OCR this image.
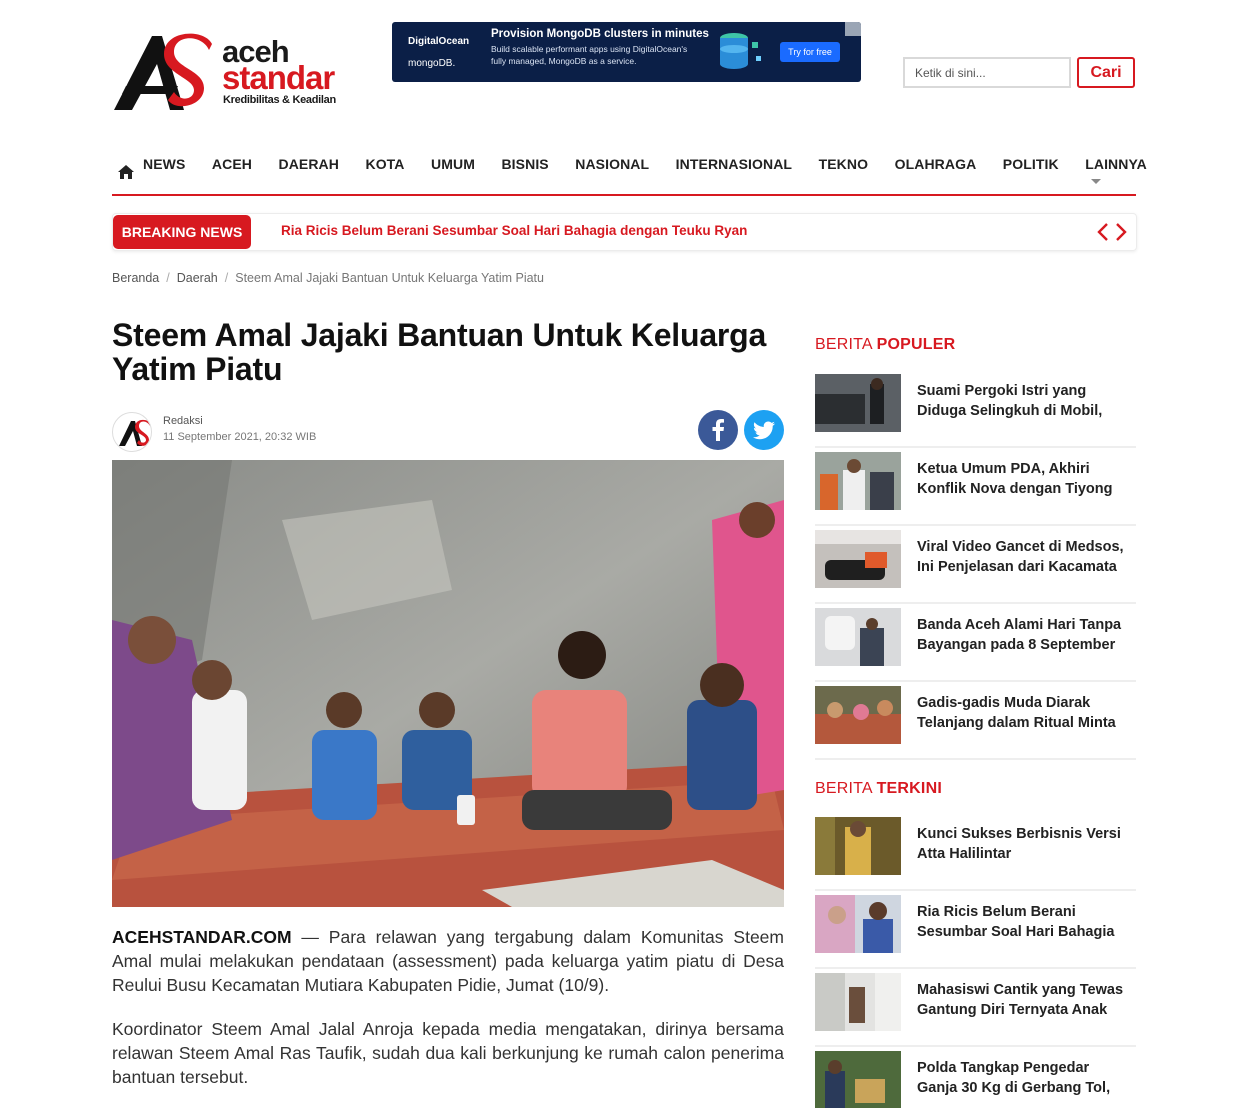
aceh
standar
Kredibilitas & Keadilan
DigitalOcean
mongoDB.
Provision MongoDB clusters in minutes
Build scalable performant apps using DigitalOcean's fully managed, MongoDB as a service.
Try for free
Ketik di sini...
Cari
NEWS ACEH DAERAH KOTA UMUM BISNIS NASIONAL INTERNASIONAL TEKNO OLAHRAGA POLITIK LAINNYA
BREAKING NEWS	Ria Ricis Belum Berani Sesumbar Soal Hari Bahagia dengan Teuku Ryan
Beranda / Daerah / Steem Amal Jajaki Bantuan Untuk Keluarga Yatim Piatu
Steem Amal Jajaki Bantuan Untuk Keluarga Yatim Piatu
Redaksi
11 September 2021, 20:32 WIB

ACEHSTANDAR.COM — Para relawan yang tergabung dalam Komunitas Steem Amal mulai melakukan pendataan (assessment) pada keluarga yatim piatu di Desa Reului Busu Kecamatan Mutiara Kabupaten Pidie, Jumat (10/9).

Koordinator Steem Amal Jalal Anroja kepada media mengatakan, dirinya bersama relawan Steem Amal Ras Taufik, sudah dua kali berkunjung ke rumah calon penerima bantuan tersebut.

BERITA POPULER
Suami Pergoki Istri yang Diduga Selingkuh di Mobil,
Ketua Umum PDA, Akhiri Konflik Nova dengan Tiyong
Viral Video Gancet di Medsos, Ini Penjelasan dari Kacamata
Banda Aceh Alami Hari Tanpa Bayangan pada 8 September
Gadis-gadis Muda Diarak Telanjang dalam Ritual Minta
BERITA TERKINI
Kunci Sukses Berbisnis Versi Atta Halilintar
Ria Ricis Belum Berani Sesumbar Soal Hari Bahagia
Mahasiswi Cantik yang Tewas Gantung Diri Ternyata Anak
Polda Tangkap Pengedar Ganja 30 Kg di Gerbang Tol,
